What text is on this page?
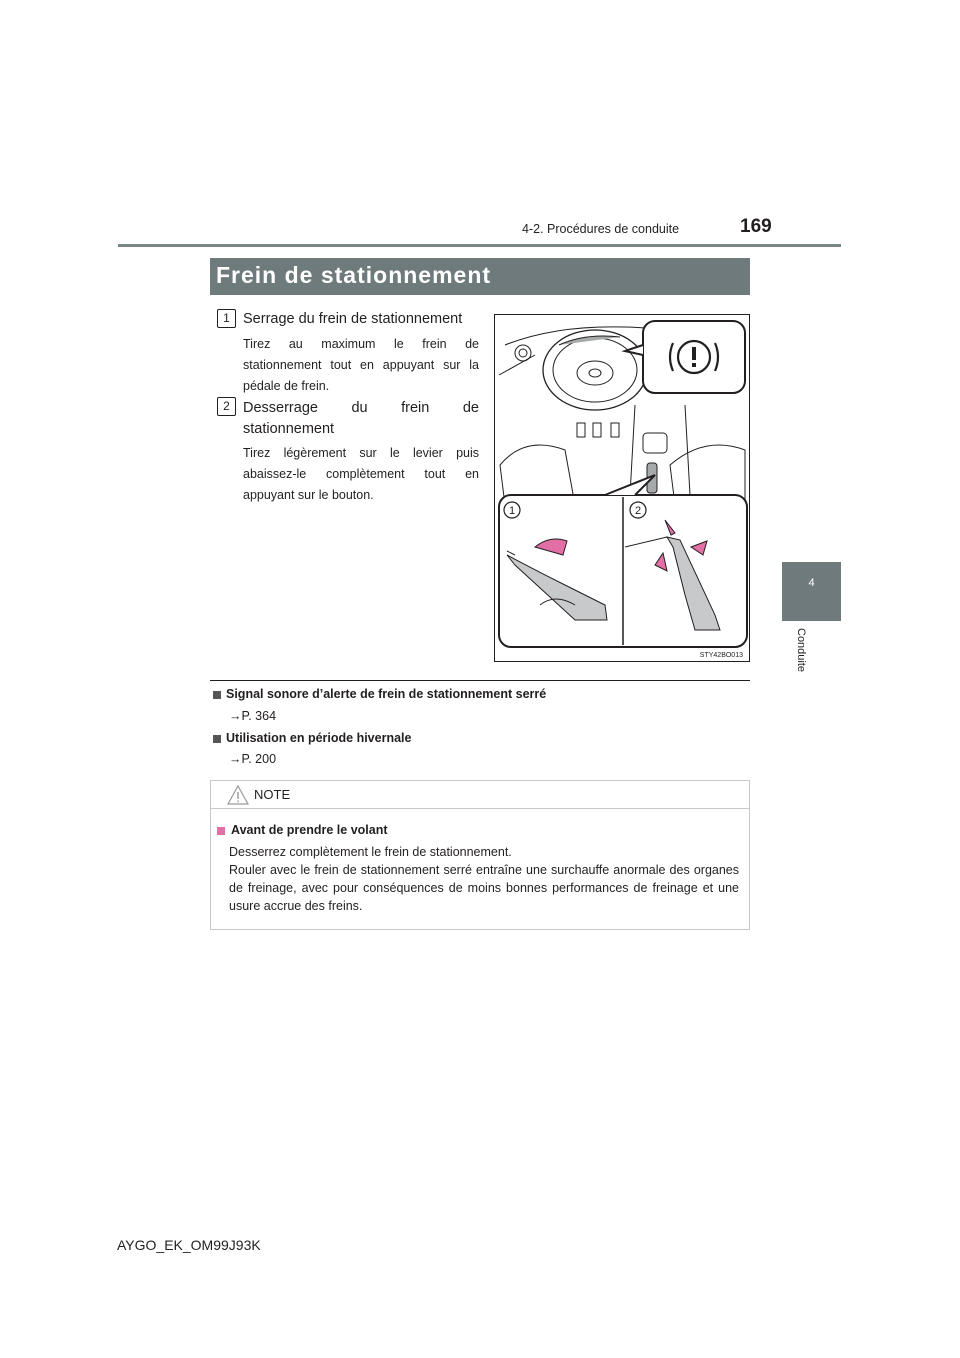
4-2. Procédures de conduite	169
4
Conduite
Frein de stationnement
1 Serrage du frein de stationnement
Tirez au maximum le frein de stationnement tout en appuyant sur la pédale de frein.
2 Desserrage du frein de stationnement
Tirez légèrement sur le levier puis abaissez-le complètement tout en appuyant sur le bouton.
1	2
STY42BO013
Signal sonore d’alerte de frein de stationnement serré
→P. 364
Utilisation en période hivernale
→P. 200
NOTE
Avant de prendre le volant
Desserrez complètement le frein de stationnement.
Rouler avec le frein de stationnement serré entraîne une surchauffe anormale des organes de freinage, avec pour conséquences de moins bonnes performances de freinage et une usure accrue des freins.
AYGO_EK_OM99J93K
